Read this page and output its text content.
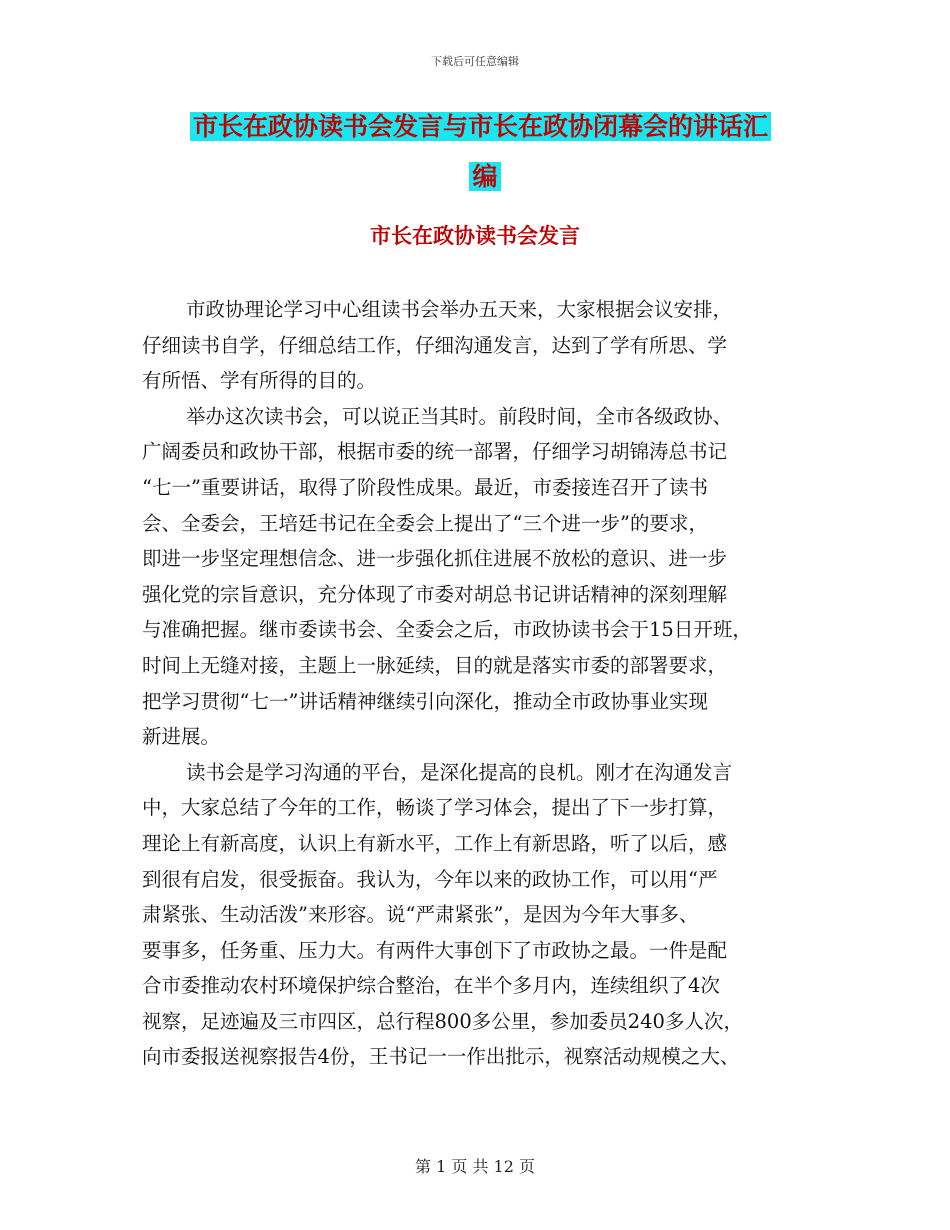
下载后可任意编辑
市长在政协读书会发言与市长在政协闭幕会的讲话汇
编
市长在政协读书会发言
市政协理论学习中心组读书会举办五天来，大家根据会议安排，
仔细读书自学，仔细总结工作，仔细沟通发言，达到了学有所思、学
有所悟、学有所得的目的。
举办这次读书会，可以说正当其时。前段时间，全市各级政协、
广阔委员和政协干部，根据市委的统一部署，仔细学习胡锦涛总书记
“七一”重要讲话，取得了阶段性成果。最近，市委接连召开了读书
会、全委会，王培廷书记在全委会上提出了“三个进一步”的要求，
即进一步坚定理想信念、进一步强化抓住进展不放松的意识、进一步
强化党的宗旨意识，充分体现了市委对胡总书记讲话精神的深刻理解
与准确把握。继市委读书会、全委会之后，市政协读书会于15日开班，
时间上无缝对接，主题上一脉延续，目的就是落实市委的部署要求，
把学习贯彻“七一”讲话精神继续引向深化，推动全市政协事业实现
新进展。
读书会是学习沟通的平台，是深化提高的良机。刚才在沟通发言
中，大家总结了今年的工作，畅谈了学习体会，提出了下一步打算，
理论上有新高度，认识上有新水平，工作上有新思路，听了以后，感
到很有启发，很受振奋。我认为，今年以来的政协工作，可以用“严
肃紧张、生动活泼”来形容。说“严肃紧张”，是因为今年大事多、
要事多，任务重、压力大。有两件大事创下了市政协之最。一件是配
合市委推动农村环境保护综合整治，在半个多月内，连续组织了4次
视察，足迹遍及三市四区，总行程800多公里，参加委员240多人次，
向市委报送视察报告4份，王书记一一作出批示，视察活动规模之大、
第 1 页 共 12 页
